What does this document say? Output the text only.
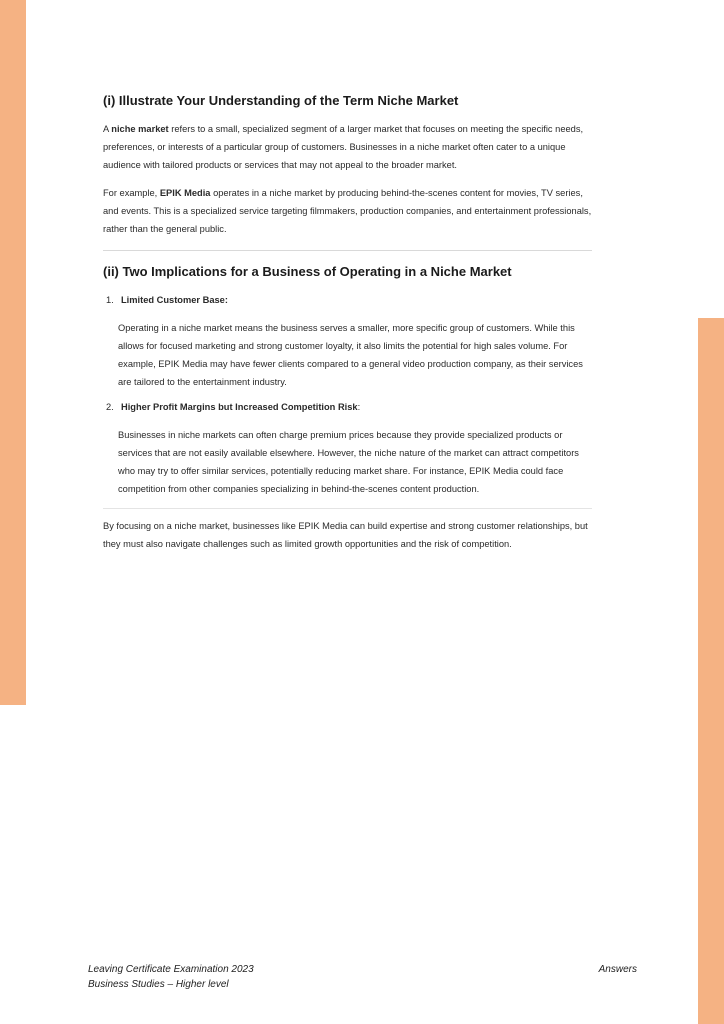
(i) Illustrate Your Understanding of the Term Niche Market

A niche market refers to a small, specialized segment of a larger market that focuses on meeting the specific needs, preferences, or interests of a particular group of customers. Businesses in a niche market often cater to a unique audience with tailored products or services that may not appeal to the broader market.

For example, EPIK Media operates in a niche market by producing behind-the-scenes content for movies, TV series, and events. This is a specialized service targeting filmmakers, production companies, and entertainment professionals, rather than the general public.

(ii) Two Implications for a Business of Operating in a Niche Market
1. Limited Customer Base:
Operating in a niche market means the business serves a smaller, more specific group of customers. While this allows for focused marketing and strong customer loyalty, it also limits the potential for high sales volume. For example, EPIK Media may have fewer clients compared to a general video production company, as their services are tailored to the entertainment industry.
2. Higher Profit Margins but Increased Competition Risk:
Businesses in niche markets can often charge premium prices because they provide specialized products or services that are not easily available elsewhere. However, the niche nature of the market can attract competitors who may try to offer similar services, potentially reducing market share. For instance, EPIK Media could face competition from other companies specializing in behind-the-scenes content production.

By focusing on a niche market, businesses like EPIK Media can build expertise and strong customer relationships, but they must also navigate challenges such as limited growth opportunities and the risk of competition.

Leaving Certificate Examination 2023
Business Studies – Higher level
Answers
